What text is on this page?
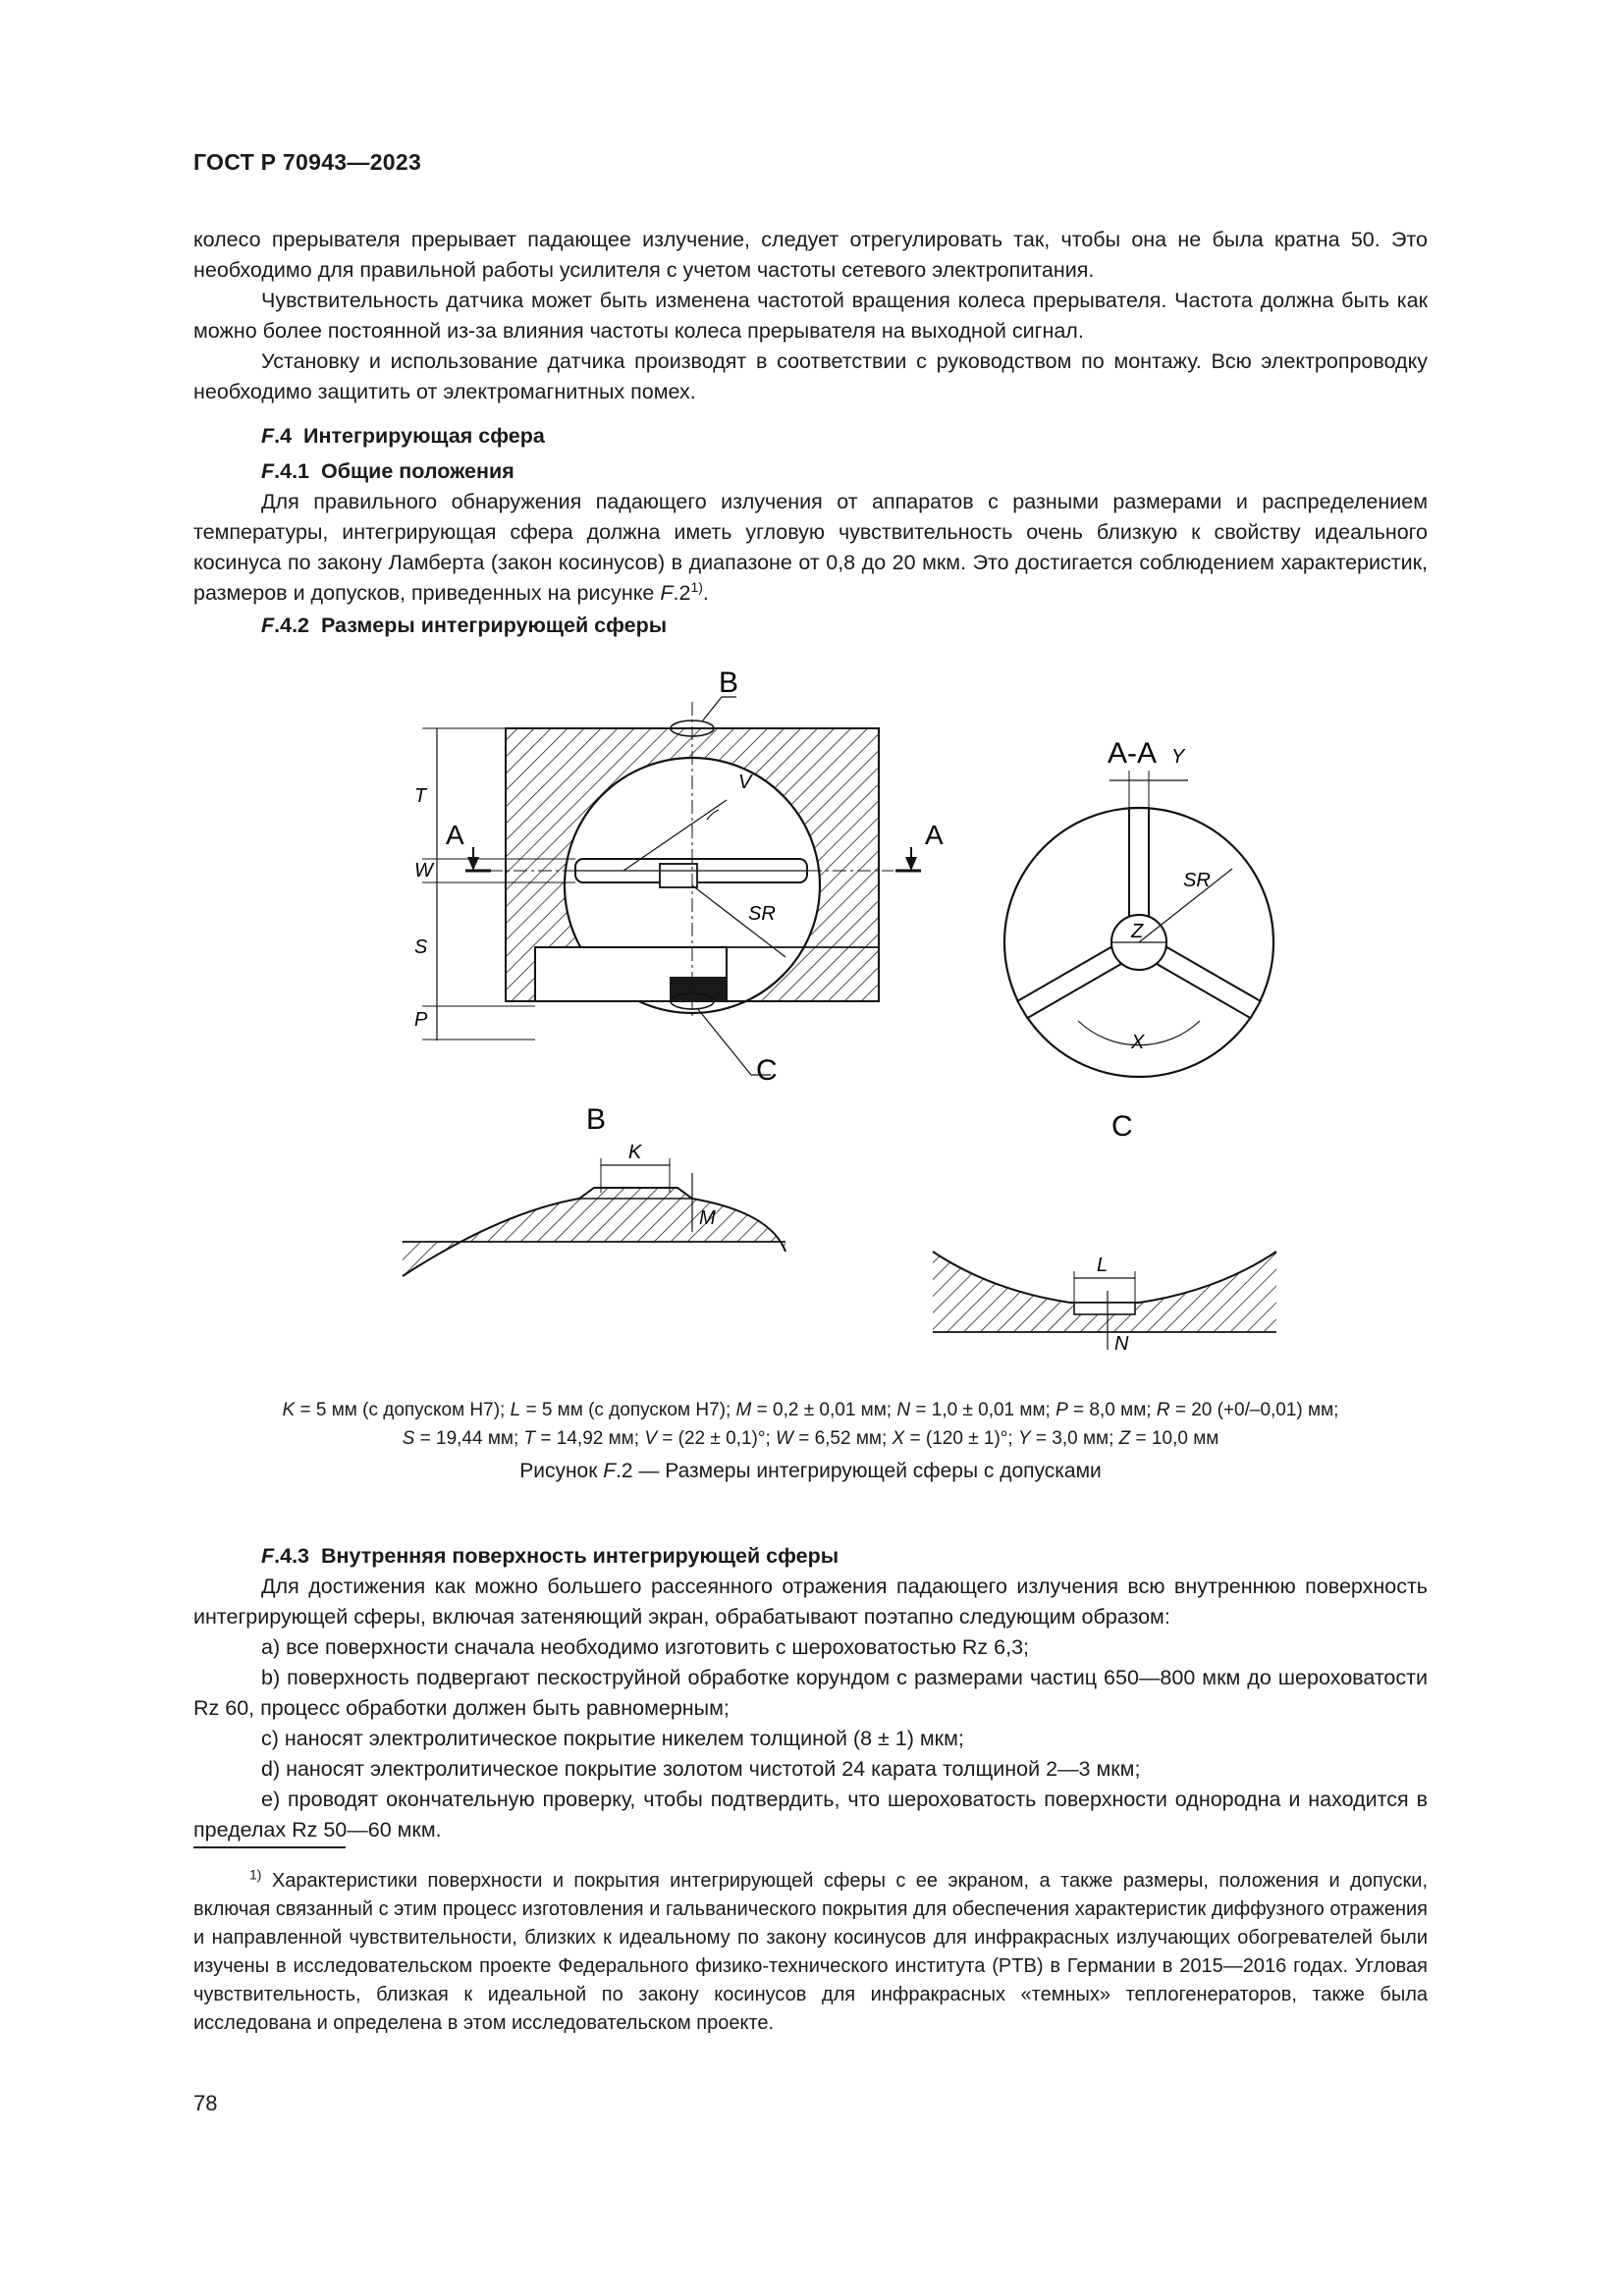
ГОСТ Р 70943—2023

колесо прерывателя прерывает падающее излучение, следует отрегулировать так, чтобы она не была кратна 50. Это необходимо для правильной работы усилителя с учетом частоты сетевого электропитания.

Чувствительность датчика может быть изменена частотой вращения колеса прерывателя. Частота должна быть как можно более постоянной из-за влияния частоты колеса прерывателя на выходной сигнал.

Установку и использование датчика производят в соответствии с руководством по монтажу. Всю электропроводку необходимо защитить от электромагнитных помех.

F.4 Интегрирующая сфера

F.4.1 Общие положения

Для правильного обнаружения падающего излучения от аппаратов с разными размерами и распределением температуры, интегрирующая сфера должна иметь угловую чувствительность очень близкую к свойству идеального косинуса по закону Ламберта (закон косинусов) в диапазоне от 0,8 до 20 мкм. Это достигается соблюдением характеристик, размеров и допусков, приведенных на рисунке F.2$^{1)}$.

F.4.2 Размеры интегрирующей сферы

B
C
A	A
A-A
T
W
S
P
V
SR
Y
SR
Z
X
B	C
K
M
L
N
K = 5 мм (с допуском Н7); L = 5 мм (с допуском Н7); M = 0,2 ± 0,01 мм; N = 1,0 ± 0,01 мм; P = 8,0 мм; R = 20 (+0/–0,01) мм;
S = 19,44 мм; T = 14,92 мм; V = (22 ± 0,1)°; W = 6,52 мм; X = (120 ± 1)°; Y = 3,0 мм; Z = 10,0 мм
Рисунок F.2 — Размеры интегрирующей сферы с допусками

F.4.3 Внутренняя поверхность интегрирующей сферы

Для достижения как можно большего рассеянного отражения падающего излучения всю внутреннюю поверхность интегрирующей сферы, включая затеняющий экран, обрабатывают поэтапно следующим образом:

a) все поверхности сначала необходимо изготовить с шероховатостью Rz 6,3;

b) поверхность подвергают пескоструйной обработке корундом с размерами частиц 650—800 мкм до шероховатости Rz 60, процесс обработки должен быть равномерным;

c) наносят электролитическое покрытие никелем толщиной (8 ± 1) мкм;

d) наносят электролитическое покрытие золотом чистотой 24 карата толщиной 2—3 мкм;

e) проводят окончательную проверку, чтобы подтвердить, что шероховатость поверхности однородна и находится в пределах Rz 50—60 мкм.

$^{1)}$ Характеристики поверхности и покрытия интегрирующей сферы с ее экраном, а также размеры, положения и допуски, включая связанный с этим процесс изготовления и гальванического покрытия для обеспечения характеристик диффузного отражения и направленной чувствительности, близких к идеальному по закону косинусов для инфракрасных излучающих обогревателей были изучены в исследовательском проекте Федерального физико-технического института (PTB) в Германии в 2015—2016 годах. Угловая чувствительность, близкая к идеальной по закону косинусов для инфракрасных «темных» теплогенераторов, также была исследована и определена в этом исследовательском проекте.

78
